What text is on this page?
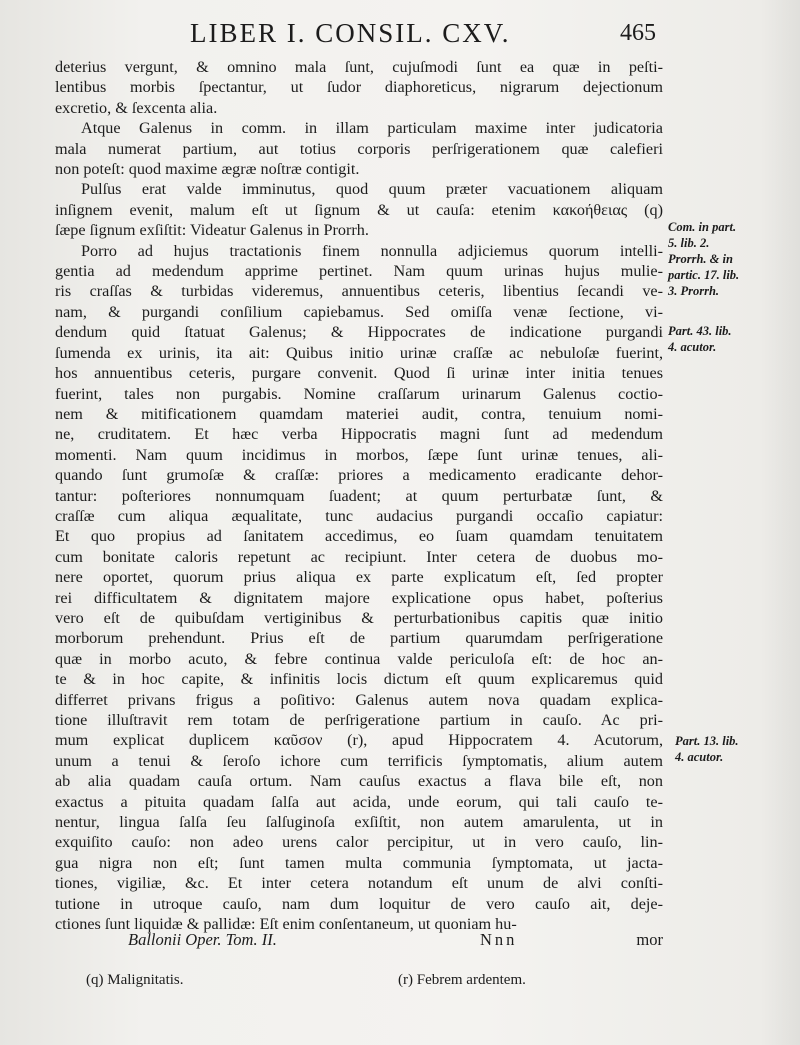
LIBER I. CONSIL. CXV.	465
deterius vergunt, & omnino mala ſunt, cujuſmodi ſunt ea quæ in peſti-
lentibus morbis ſpectantur, ut ſudor diaphoreticus, nigrarum dejectionum
excretio, & ſexcenta alia.
Atque Galenus in comm. in illam particulam maxime inter judicatoria
mala numerat partium, aut totius corporis perſrigerationem quæ calefieri
non poteſt: quod maxime ægræ noſtræ contigit.
Pulſus erat valde imminutus, quod quum præter vacuationem aliquam
inſignem evenit, malum eſt ut ſignum & ut cauſa: etenim κακοήθειας (q)
ſæpe ſignum exſiſtit: Videatur Galenus in Prorrh.
Porro ad hujus tractationis finem nonnulla adjiciemus quorum intelli-
gentia ad medendum apprime pertinet. Nam quum urinas hujus mulie-
ris craſſas & turbidas videremus, annuentibus ceteris, libentius ſecandi ve-
nam, & purgandi conſilium capiebamus. Sed omiſſa venæ ſectione, vi-
dendum quid ſtatuat Galenus; & Hippocrates de indicatione purgandi
ſumenda ex urinis, ita ait: Quibus initio urinæ craſſæ ac nebuloſæ fuerint,
hos annuentibus ceteris, purgare convenit. Quod ſi urinæ inter initia tenues
fuerint, tales non purgabis. Nomine craſſarum urinarum Galenus coctio-
nem & mitificationem quamdam materiei audit, contra, tenuium nomi-
ne, cruditatem. Et hæc verba Hippocratis magni ſunt ad medendum
momenti. Nam quum incidimus in morbos, ſæpe ſunt urinæ tenues, ali-
quando ſunt grumoſæ & craſſæ: priores a medicamento eradicante dehor-
tantur: poſteriores nonnumquam ſuadent; at quum perturbatæ ſunt, &
craſſæ cum aliqua æqualitate, tunc audacius purgandi occaſio capiatur:
Et quo propius ad ſanitatem accedimus, eo ſuam quamdam tenuitatem
cum bonitate caloris repetunt ac recipiunt. Inter cetera de duobus mo-
nere oportet, quorum prius aliqua ex parte explicatum eſt, ſed propter
rei difficultatem & dignitatem majore explicatione opus habet, poſterius
vero eſt de quibuſdam vertiginibus & perturbationibus capitis quæ initio
morborum prehendunt. Prius eſt de partium quarumdam perſrigeratione
quæ in morbo acuto, & febre continua valde periculoſa eſt: de hoc an-
te & in hoc capite, & infinitis locis dictum eſt quum explicaremus quid
differret privans frigus a poſitivo: Galenus autem nova quadam explica-
tione illuſtravit rem totam de perſrigeratione partium in cauſo. Ac pri-
mum explicat duplicem καῦσον (r), apud Hippocratem 4. Acutorum,
unum a tenui & ſeroſo ichore cum terrificis ſymptomatis, alium autem
ab alia quadam cauſa ortum. Nam cauſus exactus a flava bile eſt, non
exactus a pituita quadam ſalſa aut acida, unde eorum, qui tali cauſo te-
nentur, lingua ſalſa ſeu ſalſuginoſa exſiſtit, non autem amarulenta, ut in
exquiſito cauſo: non adeo urens calor percipitur, ut in vero cauſo, lin-
gua nigra non eſt; ſunt tamen multa communia ſymptomata, ut jacta-
tiones, vigiliæ, &c. Et inter cetera notandum eſt unum de alvi conſti-
tutione in utroque cauſo, nam dum loquitur de vero cauſo ait, deje-
ctiones ſunt liquidæ & pallidæ: Eſt enim conſentaneum, ut quoniam hu-
Com. in part.
5. lib. 2.
Prorrh. & in
partic. 17. lib.
3. Prorrh.
Part. 43. lib.
4. acutor.
Part. 13. lib.
4. acutor.
Ballonii Oper. Tom. II.	Nnn	mor
(q) Malignitatis.	(r) Febrem ardentem.
